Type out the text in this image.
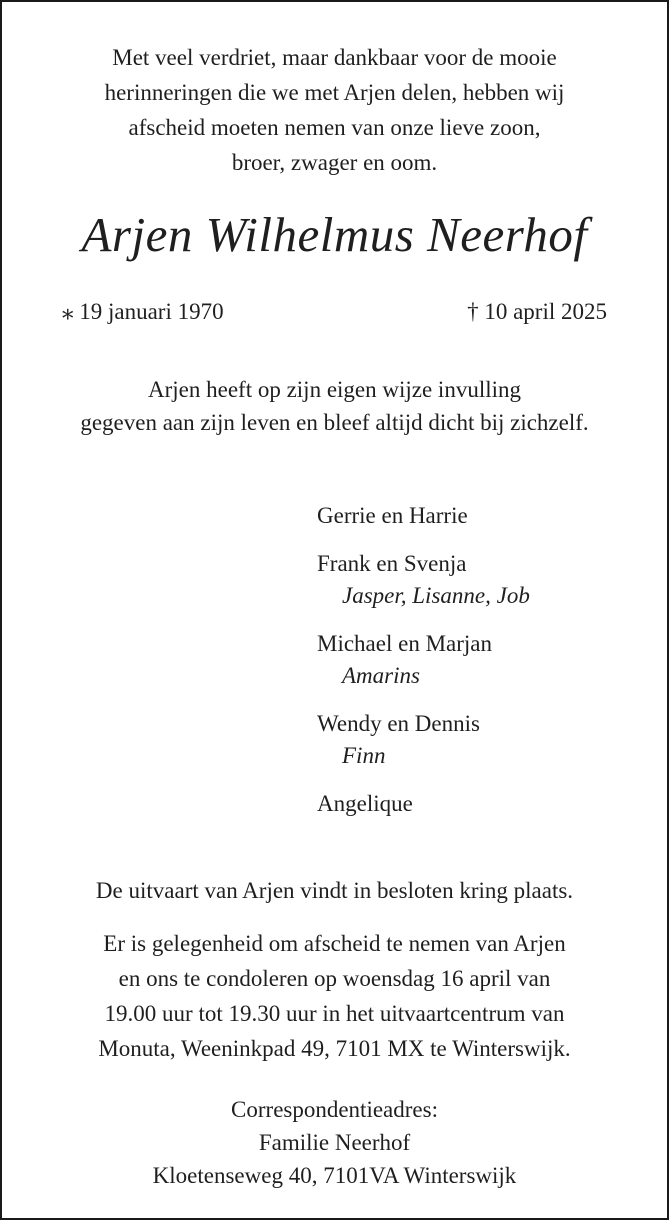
Met veel verdriet, maar dankbaar voor de mooie
herinneringen die we met Arjen delen, hebben wij
afscheid moeten nemen van onze lieve zoon,
broer, zwager en oom.
Arjen Wilhelmus Neerhof
⁎ 19 januari 1970	† 10 april 2025
Arjen heeft op zijn eigen wijze invulling
gegeven aan zijn leven en bleef altijd dicht bij zichzelf.
Gerrie en Harrie
Frank en Svenja
Jasper, Lisanne, Job
Michael en Marjan
Amarins
Wendy en Dennis
Finn
Angelique
De uitvaart van Arjen vindt in besloten kring plaats.
Er is gelegenheid om afscheid te nemen van Arjen
en ons te condoleren op woensdag 16 april van
19.00 uur tot 19.30 uur in het uitvaartcentrum van
Monuta, Weeninkpad 49, 7101 MX te Winterswijk.
Correspondentieadres:
Familie Neerhof
Kloetenseweg 40, 7101VA Winterswijk
